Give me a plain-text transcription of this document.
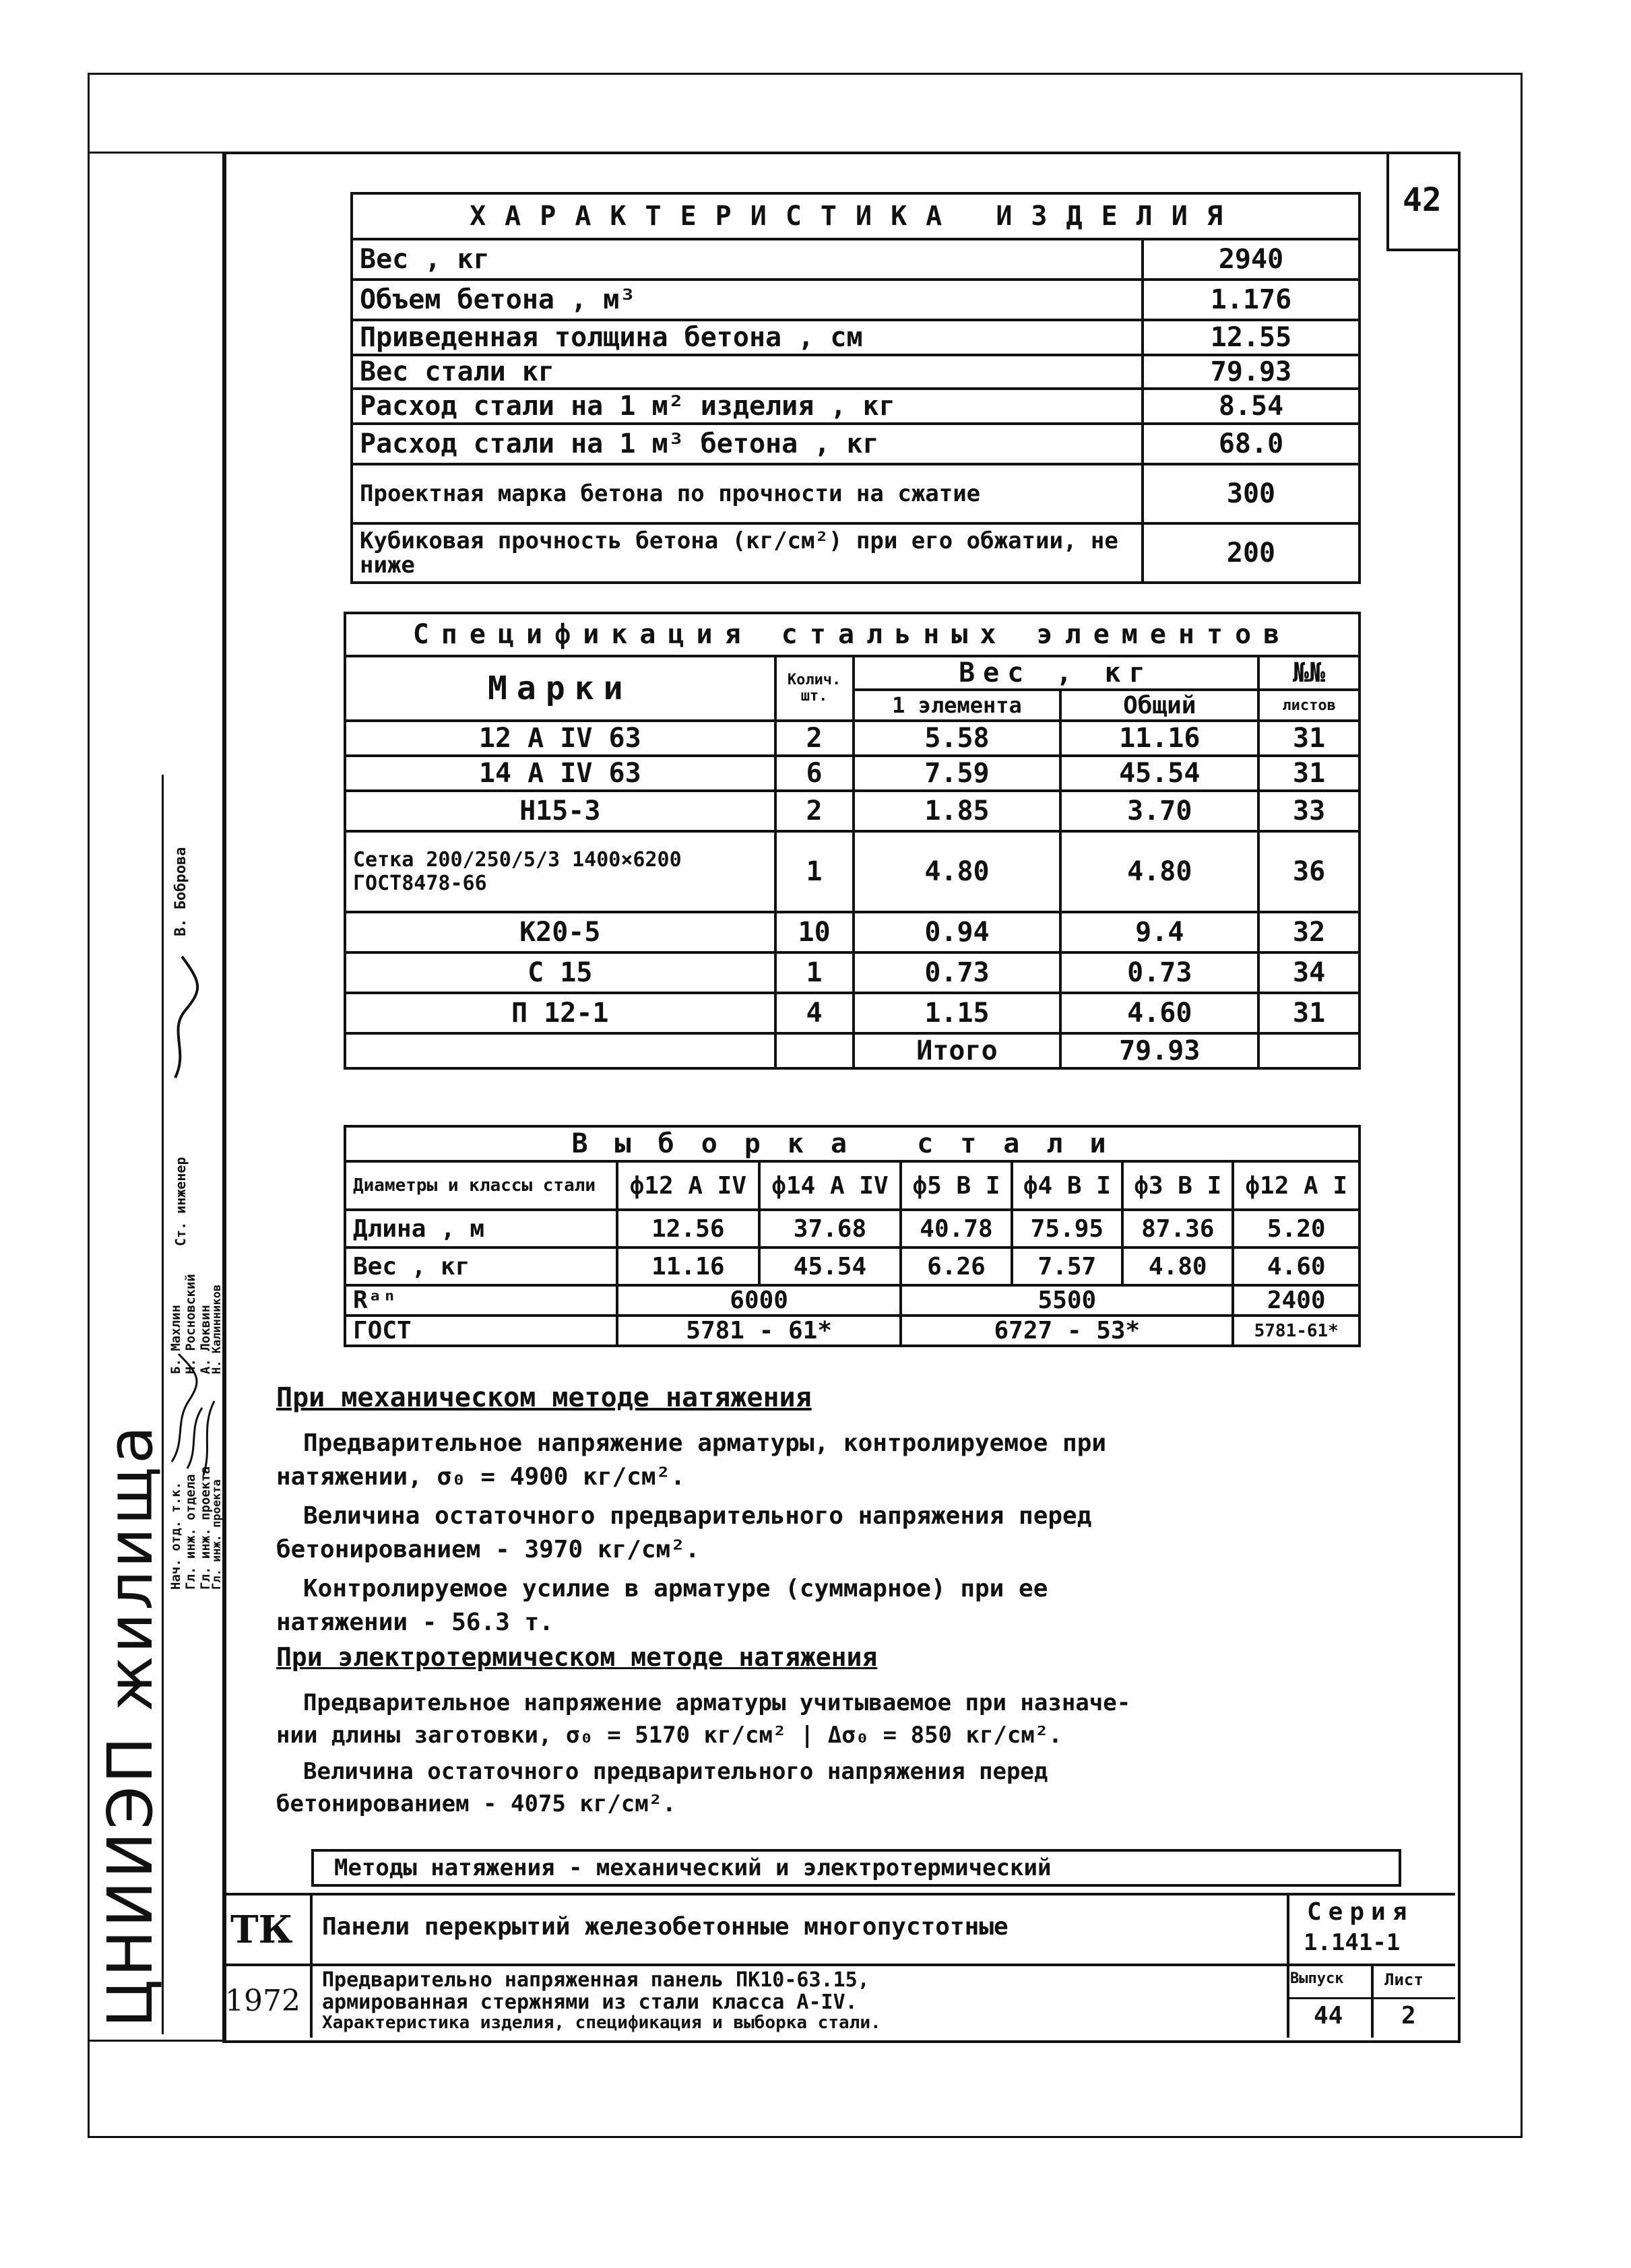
42
ХАРАКТЕРИСТИКА ИЗДЕЛИЯ	
Вес , кг	2940
Объем бетона , м³	1.176
Приведенная толщина бетона , см	12.55
Вес стали кг	79.93
Расход стали на 1 м² изделия , кг	8.54
Расход стали на 1 м³ бетона , кг	68.0
Проектная марка бетона по прочности на сжатие	300
Кубиковая прочность бетона (кг/см²) при его обжатии, не ниже	200
Спецификация стальных элементов				
Марки	Колич. шт.	Вес , кг		№№
		1 элемента	Общий	листов
12 А IV 63	2	5.58	11.16	31
14 А IV 63	6	7.59	45.54	31
Н15-3	2	1.85	3.70	33
Сетка 200/250/5/3 1400×6200 ГОСТ8478-66	1	4.80	4.80	36
К20-5	10	0.94	9.4	32
С 15	1	0.73	0.73	34
П 12-1	4	1.15	4.60	31
		Итого	79.93	
Выборка стали						
Диаметры и классы стали	ф12 А IV	ф14 А IV	ф5 В I	ф4 В I	ф3 В I	ф12 А I
Длина , м	12.56	37.68	40.78	75.95	87.36	5.20
Вес , кг	11.16	45.54	6.26	7.57	4.80	4.60
Rᵃⁿ	6000		5500			2400
ГОСТ	5781 - 61*		6727 - 53*			5781-61*
При механическом методе натяжения
Предварительное напряжение арматуры, контролируемое при
натяжении, σ₀ = 4900 кг/см².
Величина остаточного предварительного напряжения перед
бетонированием - 3970 кг/см².
Контролируемое усилие в арматуре (суммарное) при ее
натяжении - 56.3 т.
При электротермическом методе натяжения
Предварительное напряжение арматуры учитываемое при назначе-
нии длины заготовки, σ₀ = 5170 кг/см² | Δσ₀ = 850 кг/см².
Величина остаточного предварительного напряжения перед
бетонированием - 4075 кг/см².
Методы натяжения - механический и электротермический
ТК
1972
Панели перекрытий железобетонные многопустотные
Предварительно напряженная панель ПК10-63.15,
армированная стержнями из стали класса А-IV.
Характеристика изделия, спецификация и выборка стали.
Серия
1.141-1
Выпуск
44
Лист
2
ЦНИИЭП жилища Нач. отд. т.к. Гл. инж. отдела Гл. инж. проекта
Гл. инж. проекта
Б. Махлин Н. Росновский А. Локвин
Н. Калинников
Ст. инженер
В. Боброва
